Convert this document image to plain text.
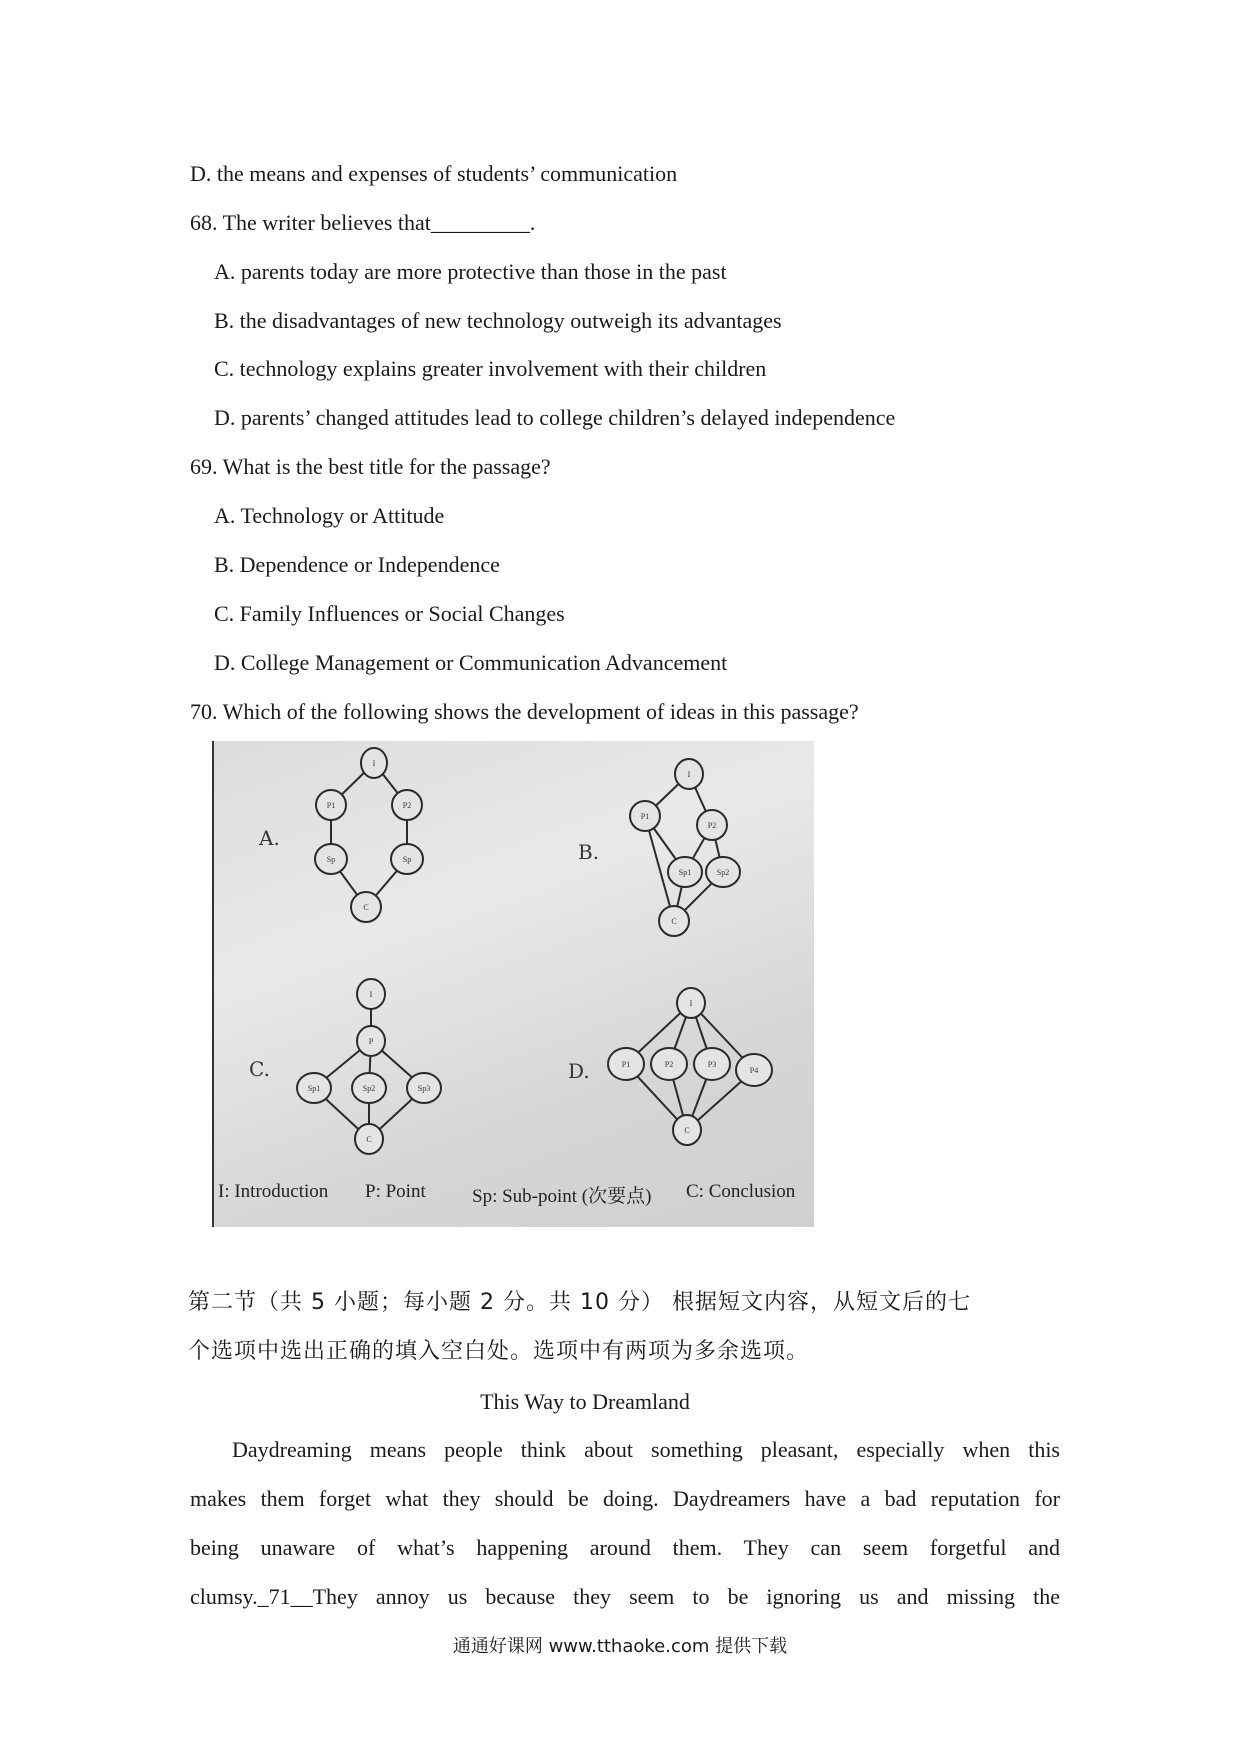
D. the means and expenses of students’ communication
68. The writer believes that_________.
A. parents today are more protective than those in the past
B. the disadvantages of new technology outweigh its advantages
C. technology explains greater involvement with their children
D. parents’ changed attitudes lead to college children’s delayed independence
69. What is the best title for the passage?
A. Technology or Attitude
B. Dependence or Independence
C. Family Influences or Social Changes
D. College Management or Communication Advancement
70. Which of the following shows the development of ideas in this passage?
I
P1	P2
Sp	Sp
C
I
P1
P2
Sp1	Sp2
C
I
P
Sp1	Sp2	Sp3
C
I
P1	P2	P3
P4
C
A.
B.
C.	D.
I: Introduction P: Point Sp: Sub-point (次要点) C: Conclusion
第二节（共 5 小题；每小题 2 分。共 10 分） 根据短文内容，从短文后的七
个选项中选出正确的填入空白处。选项中有两项为多余选项。
This Way to Dreamland
Daydreaming means people think about something pleasant, especially when this
makes them forget what they should be doing. Daydreamers have a bad reputation for
being unaware of what’s happening around them. They can seem forgetful and
clumsy._71__They annoy us because they seem to be ignoring us and missing the
通通好课网 www.tthaoke.com 提供下载
